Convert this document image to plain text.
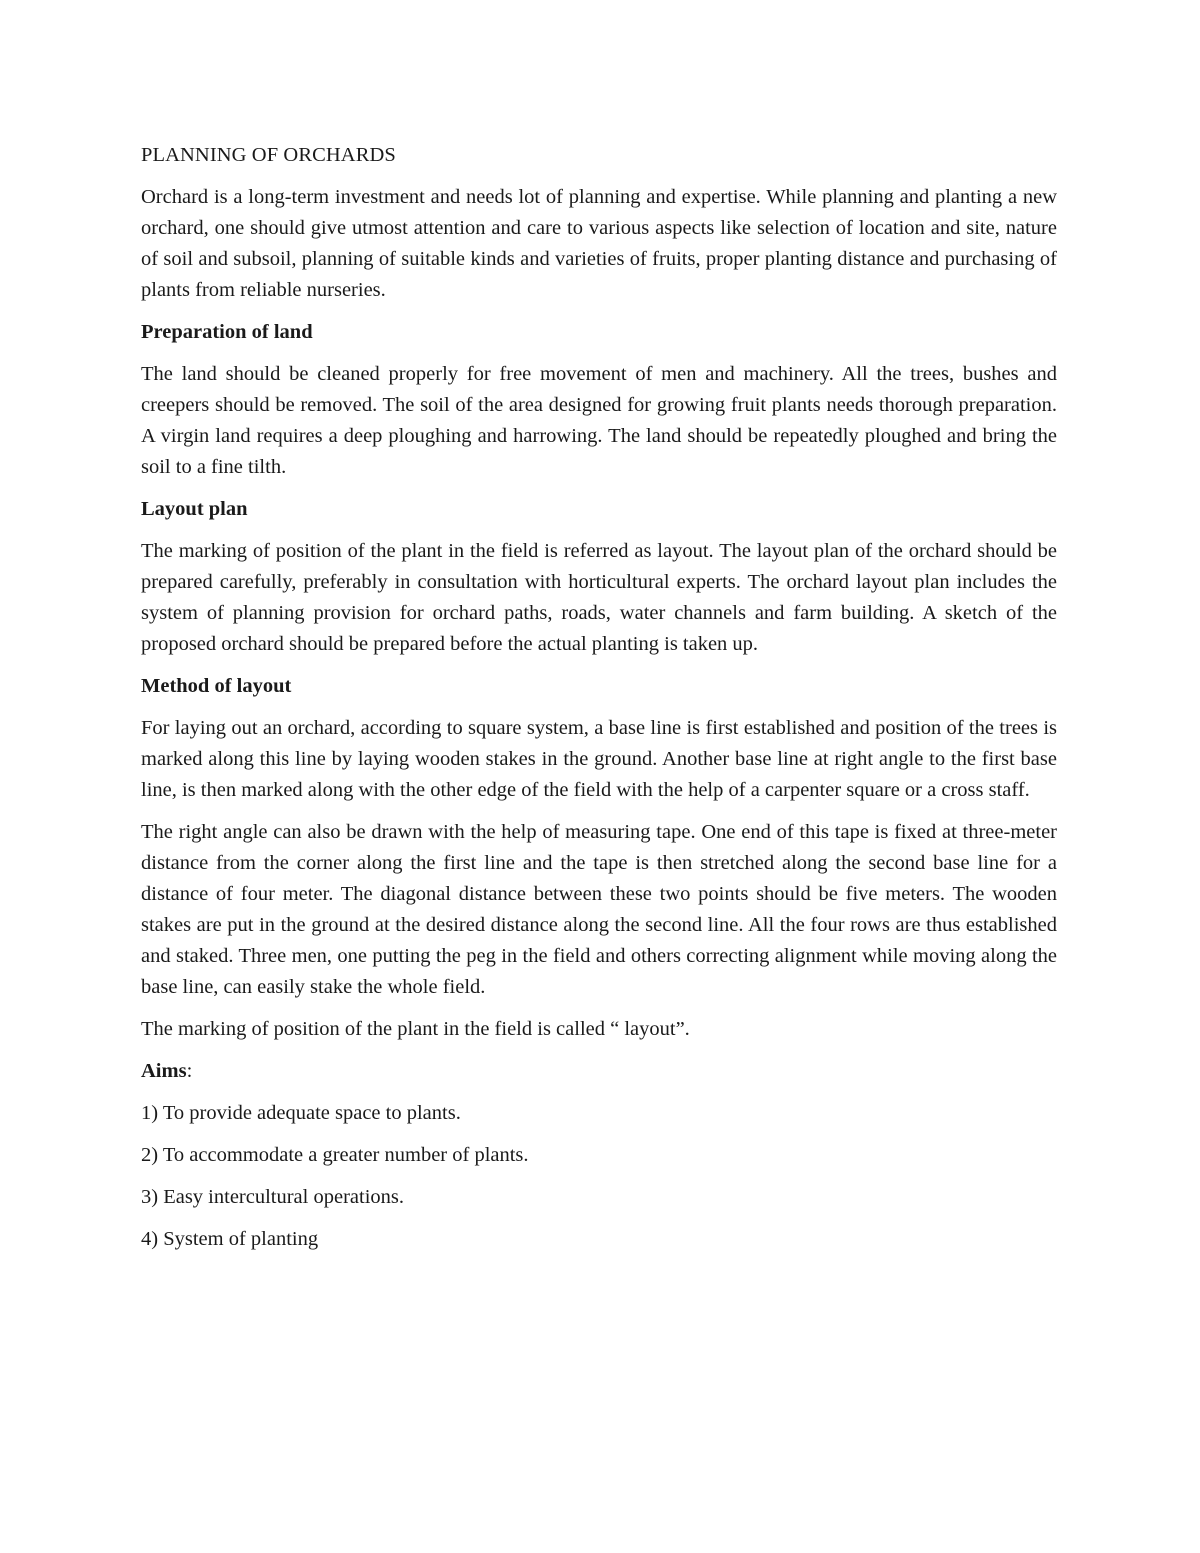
PLANNING OF ORCHARDS

Orchard is a long-term investment and needs lot of planning and expertise. While planning and planting a new orchard, one should give utmost attention and care to various aspects like selection of location and site, nature of soil and subsoil, planning of suitable kinds and varieties of fruits, proper planting distance and purchasing of plants from reliable nurseries.

Preparation of land

The land should be cleaned properly for free movement of men and machinery. All the trees, bushes and creepers should be removed. The soil of the area designed for growing fruit plants needs thorough preparation. A virgin land requires a deep ploughing and harrowing. The land should be repeatedly ploughed and bring the soil to a fine tilth.

Layout plan

The marking of position of the plant in the field is referred as layout. The layout plan of the orchard should be prepared carefully, preferably in consultation with horticultural experts. The orchard layout plan includes the system of planning provision for orchard paths, roads, water channels and farm building. A sketch of the proposed orchard should be prepared before the actual planting is taken up.

Method of layout

For laying out an orchard, according to square system, a base line is first established and position of the trees is marked along this line by laying wooden stakes in the ground. Another base line at right angle to the first base line, is then marked along with the other edge of the field with the help of a carpenter square or a cross staff.

The right angle can also be drawn with the help of measuring tape. One end of this tape is fixed at three-meter distance from the corner along the first line and the tape is then stretched along the second base line for a distance of four meter. The diagonal distance between these two points should be five meters. The wooden stakes are put in the ground at the desired distance along the second line. All the four rows are thus established and staked. Three men, one putting the peg in the field and others correcting alignment while moving along the base line, can easily stake the whole field.

The marking of position of the plant in the field is called “ layout”.

Aims:
1) To provide adequate space to plants.
2) To accommodate a greater number of plants.
3) Easy intercultural operations.
4) System of planting
